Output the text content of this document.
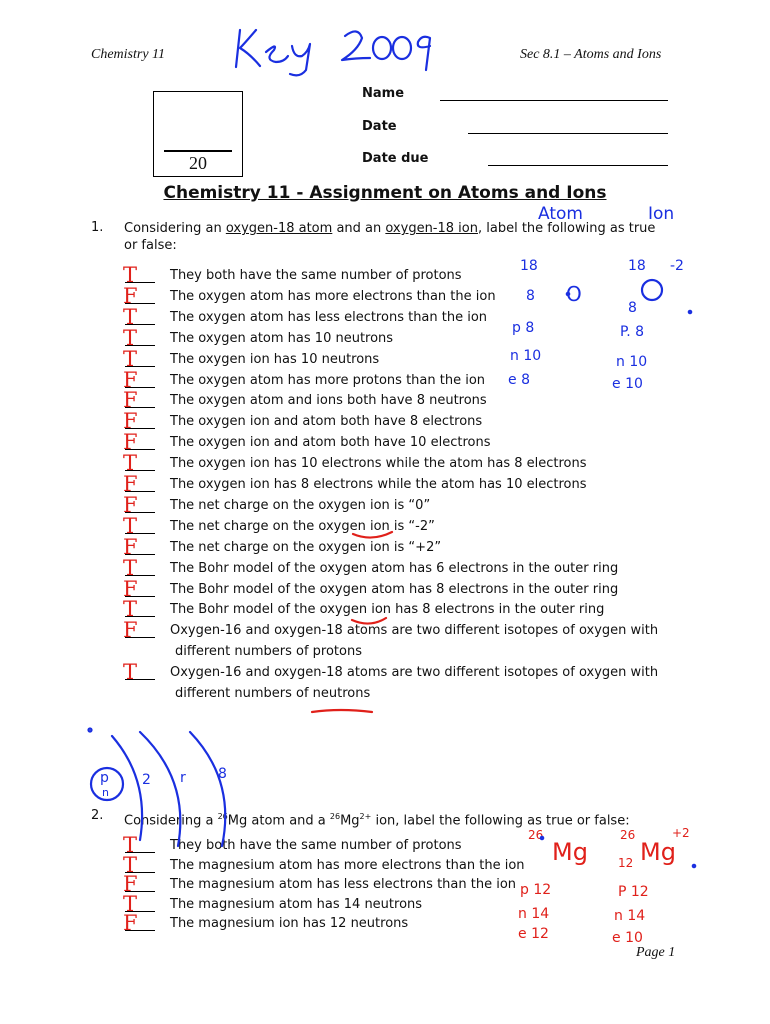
Chemistry 11	Sec 8.1 – Atoms and Ions
Page 1
20
Name
Date
Date due
Chemistry 11 - Assignment on Atoms and Ions
1. Considering an oxygen-18 atom and an oxygen-18 ion, label the following as true
or false:
T	They both have the same number of protons
F The oxygen atom has more electrons than the ion
T	The oxygen atom has less electrons than the ion
T	The oxygen atom has 10 neutrons
T	The oxygen ion has 10 neutrons
F The oxygen atom has more protons than the ion
F The oxygen atom and ions both have 8 neutrons
F The oxygen ion and atom both have 8 electrons
F The oxygen ion and atom both have 10 electrons
T	The oxygen ion has 10 electrons while the atom has 8 electrons
F The oxygen ion has 8 electrons while the atom has 10 electrons
F The net charge on the oxygen ion is “0”
T	The net charge on the oxygen ion is “-2”
F The net charge on the oxygen ion is “+2”
T	The Bohr model of the oxygen atom has 6 electrons in the outer ring
F The Bohr model of the oxygen atom has 8 electrons in the outer ring
T	The Bohr model of the oxygen ion has 8 electrons in the outer ring
F Oxygen-16 and oxygen-18 atoms are two different isotopes of oxygen with
different numbers of protons
T	Oxygen-16 and oxygen-18 atoms are two different isotopes of oxygen with
different numbers of neutrons
2. Considering a $^{26}$Mg atom and a $^{26}Mg^{2+}$ ion, label the following as true or false:
T	They both have the same number of protons
T	The magnesium atom has more electrons than the ion
F The magnesium atom has less electrons than the ion
T	The magnesium atom has 14 neutrons
F The magnesium ion has 12 neutrons
Atom	Ion
18
O
18 -2
8
8
p 8	P. 8
n 10	n 10
e 8	e 10
p
n
2 r 8
26
Mg
26	+2
Mg
12
p 12	P 12
n 14	n 14
e 12	e 10
